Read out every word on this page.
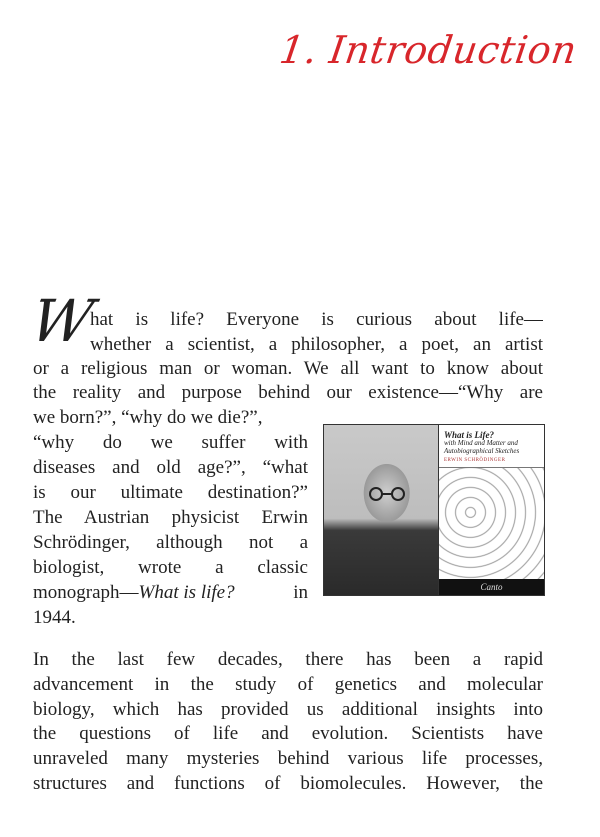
1. Introduction
W
hat is life? Everyone is curious about life—
whether a scientist, a philosopher, a poet, an artist
or a religious man or woman. We all want to know about
the reality and purpose behind our existence—“Why are
we born?”, “why do we die?”,
“why do we suffer with
diseases and old age?”, “what
is our ultimate destination?”
The Austrian physicist Erwin
Schrödinger, although not a
biologist, wrote a classic
monograph—What is life?	in
1944.
What is Life?
with Mind and Matter and Autobiographical Sketches
ERWIN SCHRÖDINGER
Canto
In the last few decades, there has been a rapid
advancement in the study of genetics and molecular
biology, which has provided us additional insights into
the questions of life and evolution. Scientists have
unraveled many mysteries behind various life processes,
structures and functions of biomolecules. However, the
